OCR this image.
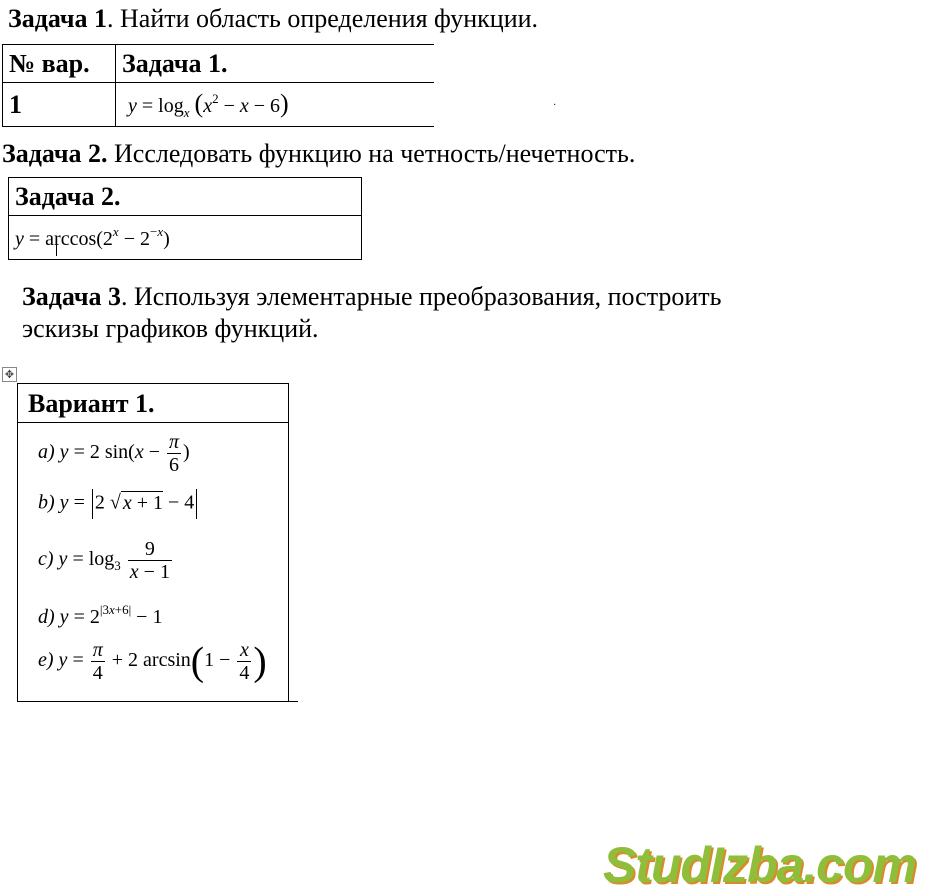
Задача 1. Найти область определения функции.
№ вар.	Задача 1.
1	$y = \log_x (x^2 - x - 6)$	·
Задача 2. Исследовать функцию на четность/нечетность.
Задача 2.
$y = \arccos(2^x - 2^{-x})$
Задача 3. Используя элементарные преобразования, построить
эскизы графиков функций.
✥
Вариант 1.
a) y = 2 $\sin(x - \frac{\pi}{6}$ )
b) y = 2 √ x + 1 − 4
c) $y = \log_3 \frac{9}{x - 1}$
d) $y = 2^{|3x+6|} - 1$
e) $y = \frac{\pi}{4} + 2$ $\arcsin(1 - \frac{x}{4}$ )
StudIzba.com
